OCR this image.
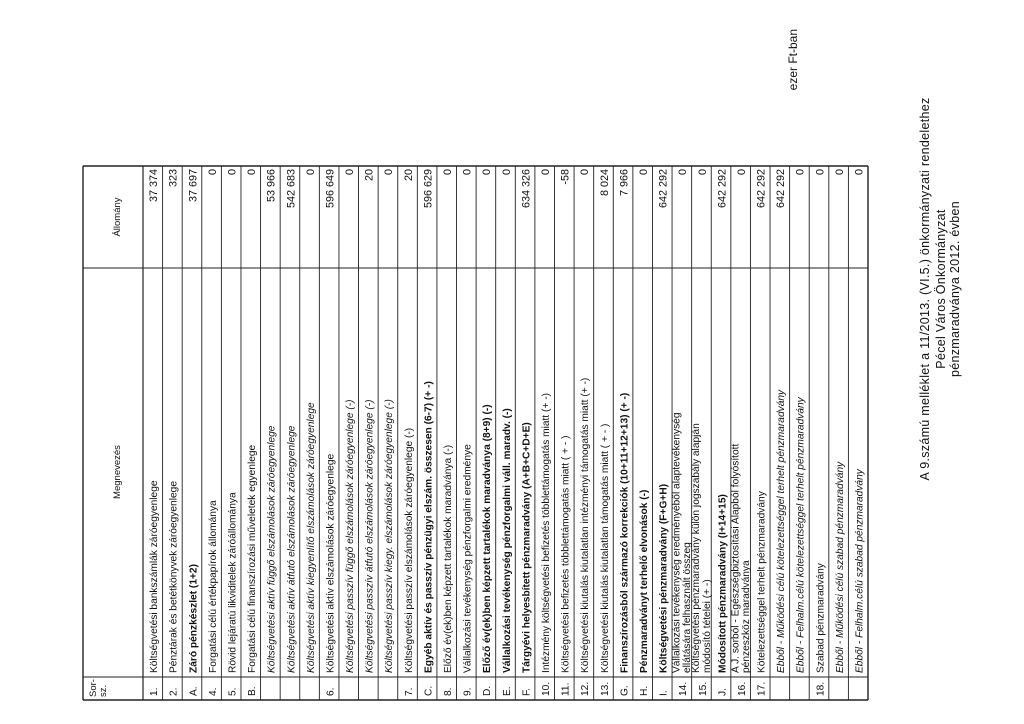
A 9.számú melléklet a 11/2013. (VI.5.) önkormányzati rendelethez Pécel Város Önkormányzat pénzmaradványa 2012. évben
ezer Ft-ban
Sor-sz.
Megnevezés
Állomány
1.
Költségvetési bankszámlák záróegyenlege
37 374
2.
Pénztárak és betétkönyvek záróegyenlege
323
A.
Záró pénzkészlet (1+2)
37 697
4.
Forgatási célú értékpapírok állománya
0
5.
Rövid lejáratú likviditelek záróállománya
0
B.
Forgatási célú finanszírozási műveletek egyenlege
0
Költségvetési aktív függő elszámolások záróegyenlege
53 966
Költségvetési aktív átfutó elszámolások záróegyenlege
542 683
Költségvetési aktív kiegyenlítő elszámolások záróegyenlege
0
6.
Költségvetési aktív elszámolások záróegyenlege
596 649
Költségvetési passzív függő elszámolások záróegyenlege (-)
0
Költségvetési passzív átfutó elszámolások záróegyenlege (-)
20
Költségvetési passzív kiegy. elszámolások záróegyenlege (-)
0
7.
Költségvetési passzív elszámolások záróegyenlege (-)
20
C.
Egyéb aktív és passzív pénzügyi elszám. összesen (6-7) (+ -)
596 629
8.
Előző év(ek)ben képzett tartalékok maradványa (-)
0
9.
Vállalkozási tevékenység pénzforgalmi eredménye
0
D.
Előző év(ek)ben képzett tartalékok maradványa (8+9) (-)
0
E.
Vállalkozási tevékenység pénzforgalmi váll. maradv. (-)
0
F.
Tárgyévi helyesbített pénzmaradvány (A+B+C+D+E)
634 326
10.
Intézmény költségvetési befizetés többlettámogatás miatt (+ -)
0
11.
Költségvetési befizetés többlettámogatás miatt ( + - )
-58
12.
Költségvetési kiutalás kiutalatlan intézményi támogatás miatt (+ -)
0
13.
Költségvetési kiutalás kiutalatlan támogatás miatt ( + - )
8 024
G.
Finanszírozásból származó korrekciók (10+11+12+13) (+ -)
7 966
H.
Pénzmaradványt terhelő elvonások (-)
0
I.
Költségvetési pénzmaradvány (F+G+H)
642 292
14.
Vállalkozási tevékenység eredményéből alaptevékenységellátására felhasznált összeg
0
15.
Költségvetési pénzmaradvány külön jogszabály alapjánmódosító tételei (+ -)
0
J.
Módosított pénzmaradvány (I+14+15)
642 292
16.
A J. sorból - Egészségbiztosítási Alapból folyósítottpénzeszköz maradványa
0
17.
Kötelezettséggel terhelt pénzmaradvány
642 292
Ebből - Működési célú kötelezettséggel terhelt pénzmaradvány
642 292
Ebből - Felhalm.célú kötelezettséggel terhelt pénzmaradvány
0
18.
Szabad pénzmaradvány
0
Ebből - Működési célú szabad pénzmaradvány
0
Ebből - Felhalm.célú szabad pénzmaradvány
0
